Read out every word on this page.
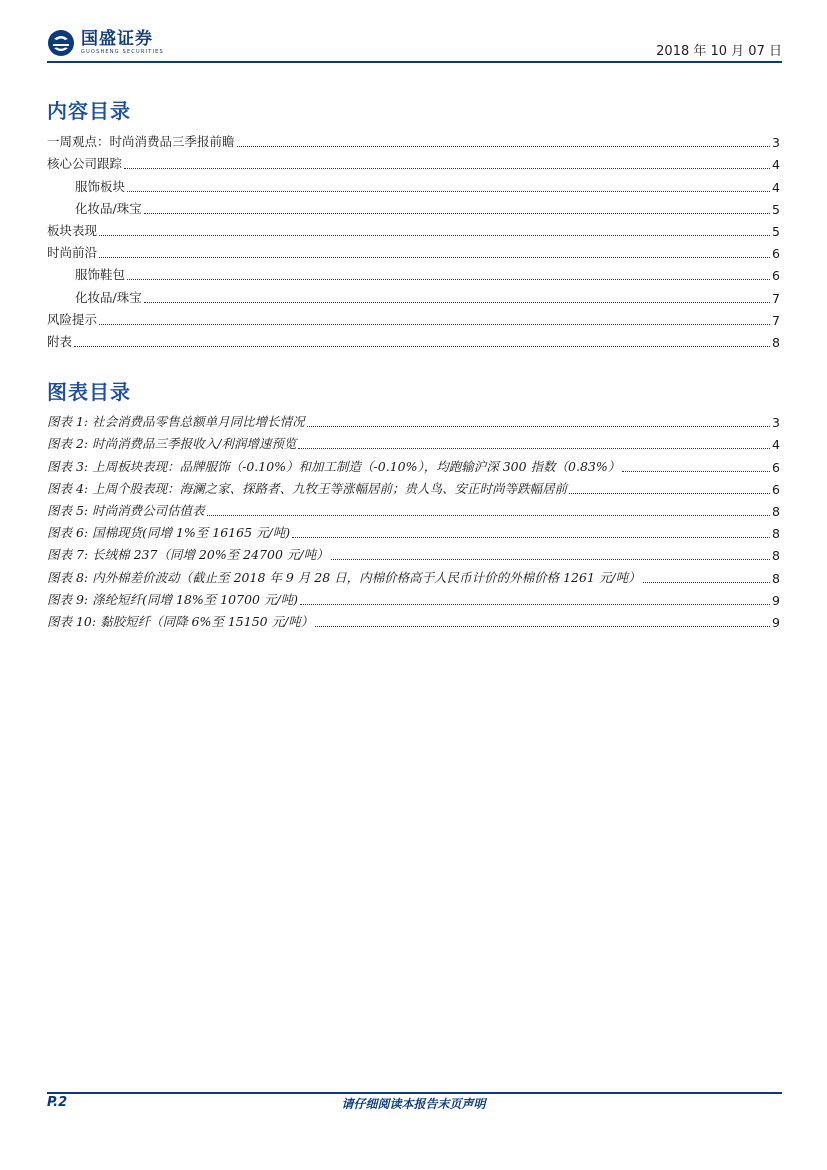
国盛证券
GUOSHENG SECURITIES	2018 年 10 月 07 日
内容目录
一周观点：时尚消费品三季报前瞻	3
核心公司跟踪	4
服饰板块	4
化妆品/珠宝	5
板块表现	5
时尚前沿	6
服饰鞋包	6
化妆品/珠宝	7
风险提示	7
附表	8
图表目录
图表 1: 社会消费品零售总额单月同比增长情况	3
图表 2: 时尚消费品三季报收入/利润增速预览	4
图表 3: 上周板块表现：品牌服饰（-0.10%）和加工制造（-0.10%），均跑输沪深 300 指数（0.83%）	6
图表 4: 上周个股表现：海澜之家、探路者、九牧王等涨幅居前；贵人鸟、安正时尚等跌幅居前	6
图表 5: 时尚消费公司估值表	8
图表 6: 国棉现货(同增 1%至 16165 元/吨)	8
图表 7: 长绒棉 237（同增 20%至 24700 元/吨）	8
图表 8: 内外棉差价波动（截止至 2018 年 9 月 28 日，内棉价格高于人民币计价的外棉价格 1261 元/吨）	8
图表 9: 涤纶短纤(同增 18%至 10700 元/吨)	9
图表 10: 黏胶短纤（同降 6%至 15150 元/吨）	9
P.2	请仔细阅读本报告末页声明
